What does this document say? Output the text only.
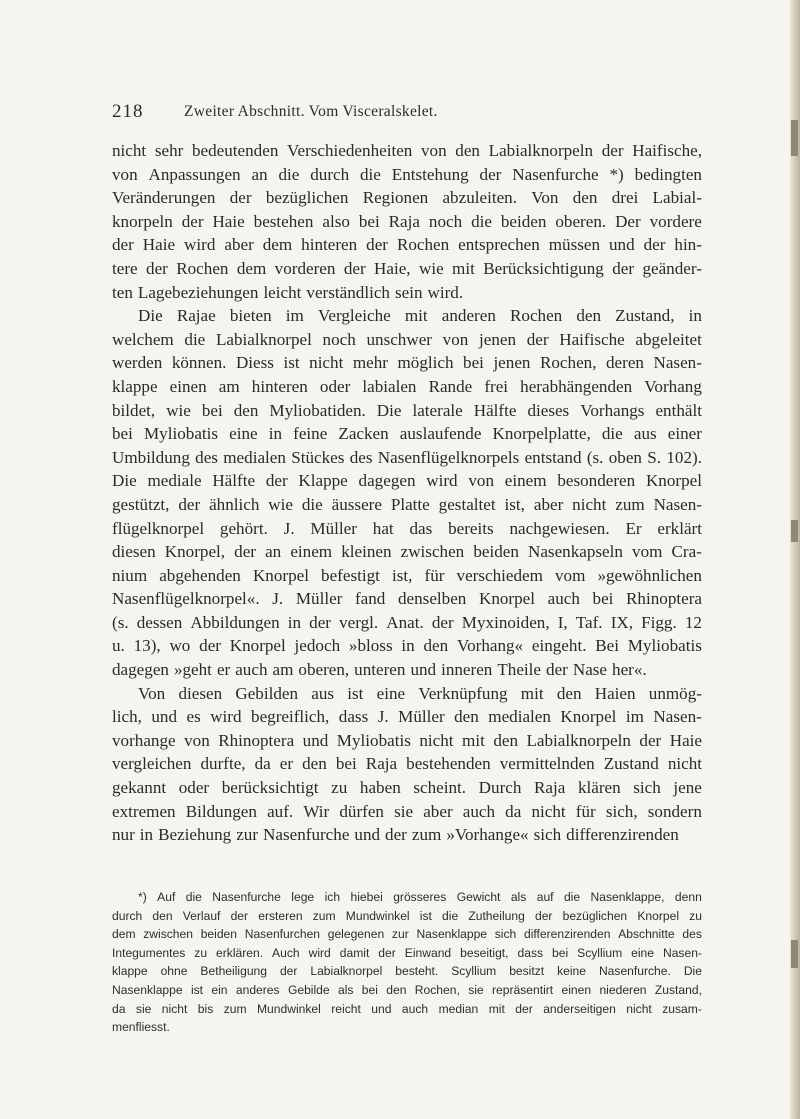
218	Zweiter Abschnitt. Vom Visceralskelet.
nicht sehr bedeutenden Verschiedenheiten von den Labialknorpeln der Haifische,
von Anpassungen an die durch die Entstehung der Nasenfurche *) bedingten
Veränderungen der bezüglichen Regionen abzuleiten. Von den drei Labial-
knorpeln der Haie bestehen also bei Raja noch die beiden oberen. Der vordere
der Haie wird aber dem hinteren der Rochen entsprechen müssen und der hin-
tere der Rochen dem vorderen der Haie, wie mit Berücksichtigung der geänder-
ten Lagebeziehungen leicht verständlich sein wird.
Die Rajae bieten im Vergleiche mit anderen Rochen den Zustand, in
welchem die Labialknorpel noch unschwer von jenen der Haifische abgeleitet
werden können. Diess ist nicht mehr möglich bei jenen Rochen, deren Nasen-
klappe einen am hinteren oder labialen Rande frei herabhängenden Vorhang
bildet, wie bei den Myliobatiden. Die laterale Hälfte dieses Vorhangs enthält
bei Myliobatis eine in feine Zacken auslaufende Knorpelplatte, die aus einer
Umbildung des medialen Stückes des Nasenflügelknorpels entstand (s. oben S. 102).
Die mediale Hälfte der Klappe dagegen wird von einem besonderen Knorpel
gestützt, der ähnlich wie die äussere Platte gestaltet ist, aber nicht zum Nasen-
flügelknorpel gehört. J. Müller hat das bereits nachgewiesen. Er erklärt
diesen Knorpel, der an einem kleinen zwischen beiden Nasenkapseln vom Cra-
nium abgehenden Knorpel befestigt ist, für verschiedem vom »gewöhnlichen
Nasenflügelknorpel«. J. Müller fand denselben Knorpel auch bei Rhinoptera
(s. dessen Abbildungen in der vergl. Anat. der Myxinoiden, I, Taf. IX, Figg. 12
u. 13), wo der Knorpel jedoch »bloss in den Vorhang« eingeht. Bei Myliobatis
dagegen »geht er auch am oberen, unteren und inneren Theile der Nase her«.
Von diesen Gebilden aus ist eine Verknüpfung mit den Haien unmög-
lich, und es wird begreiflich, dass J. Müller den medialen Knorpel im Nasen-
vorhange von Rhinoptera und Myliobatis nicht mit den Labialknorpeln der Haie
vergleichen durfte, da er den bei Raja bestehenden vermittelnden Zustand nicht
gekannt oder berücksichtigt zu haben scheint. Durch Raja klären sich jene
extremen Bildungen auf. Wir dürfen sie aber auch da nicht für sich, sondern
nur in Beziehung zur Nasenfurche und der zum »Vorhange« sich differenzirenden
*) Auf die Nasenfurche lege ich hiebei grösseres Gewicht als auf die Nasenklappe, denn
durch den Verlauf der ersteren zum Mundwinkel ist die Zutheilung der bezüglichen Knorpel zu
dem zwischen beiden Nasenfurchen gelegenen zur Nasenklappe sich differenzirenden Abschnitte des
Integumentes zu erklären. Auch wird damit der Einwand beseitigt, dass bei Scyllium eine Nasen-
klappe ohne Betheiligung der Labialknorpel besteht. Scyllium besitzt keine Nasenfurche. Die
Nasenklappe ist ein anderes Gebilde als bei den Rochen, sie repräsentirt einen niederen Zustand,
da sie nicht bis zum Mundwinkel reicht und auch median mit der anderseitigen nicht zusam-
menfliesst.
